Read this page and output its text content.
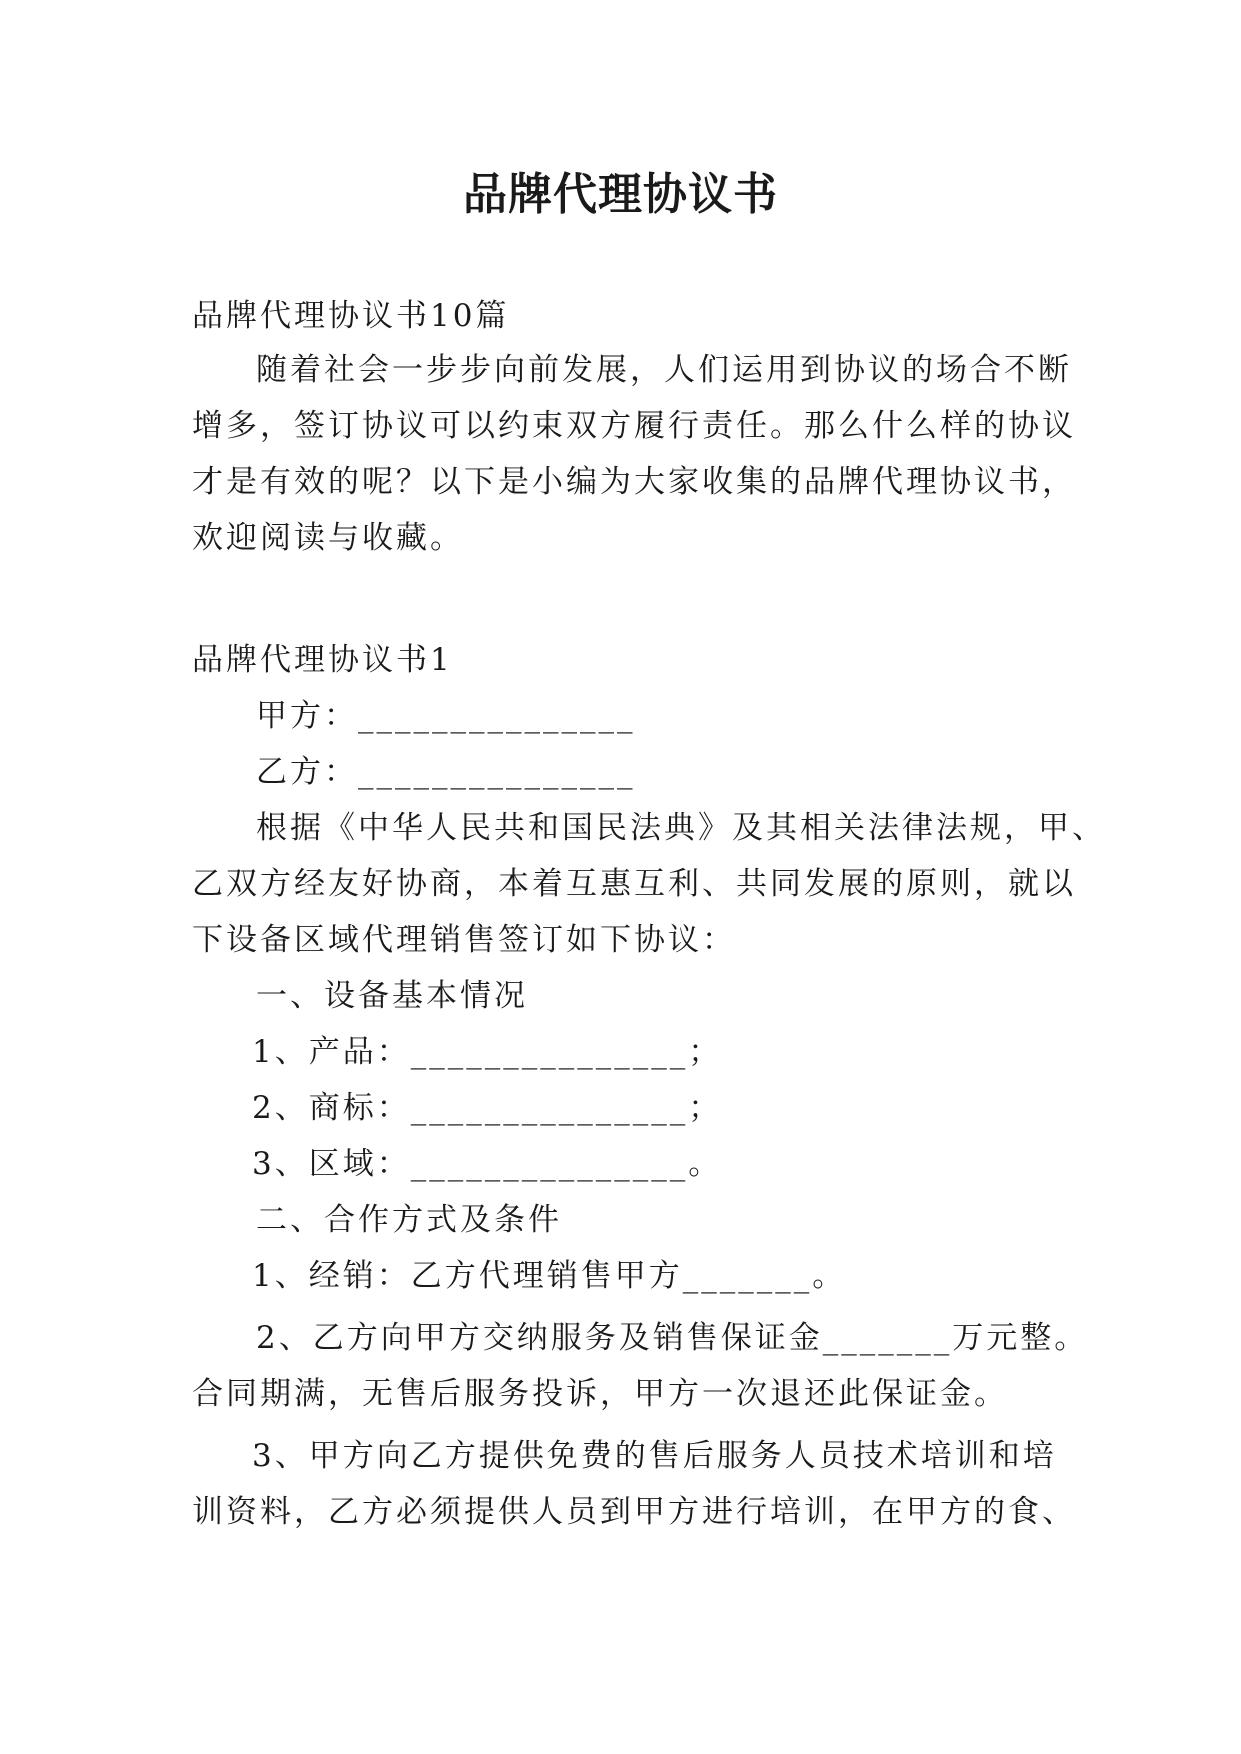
品牌代理协议书
品牌代理协议书10篇
随着社会一步步向前发展，人们运用到协议的场合不断
增多，签订协议可以约束双方履行责任。那么什么样的协议
才是有效的呢？以下是小编为大家收集的品牌代理协议书，
欢迎阅读与收藏。
品牌代理协议书1
甲方：_______________
乙方：_______________
根据《中华人民共和国民法典》及其相关法律法规，甲、
乙双方经友好协商，本着互惠互利、共同发展的原则，就以
下设备区域代理销售签订如下协议：
一、设备基本情况
1、产品：_______________；
2、商标：_______________；
3、区域：_______________。
二、合作方式及条件
1、经销：乙方代理销售甲方_______。
2、乙方向甲方交纳服务及销售保证金_______万元整。
合同期满，无售后服务投诉，甲方一次退还此保证金。
3、甲方向乙方提供免费的售后服务人员技术培训和培
训资料，乙方必须提供人员到甲方进行培训，在甲方的食、
